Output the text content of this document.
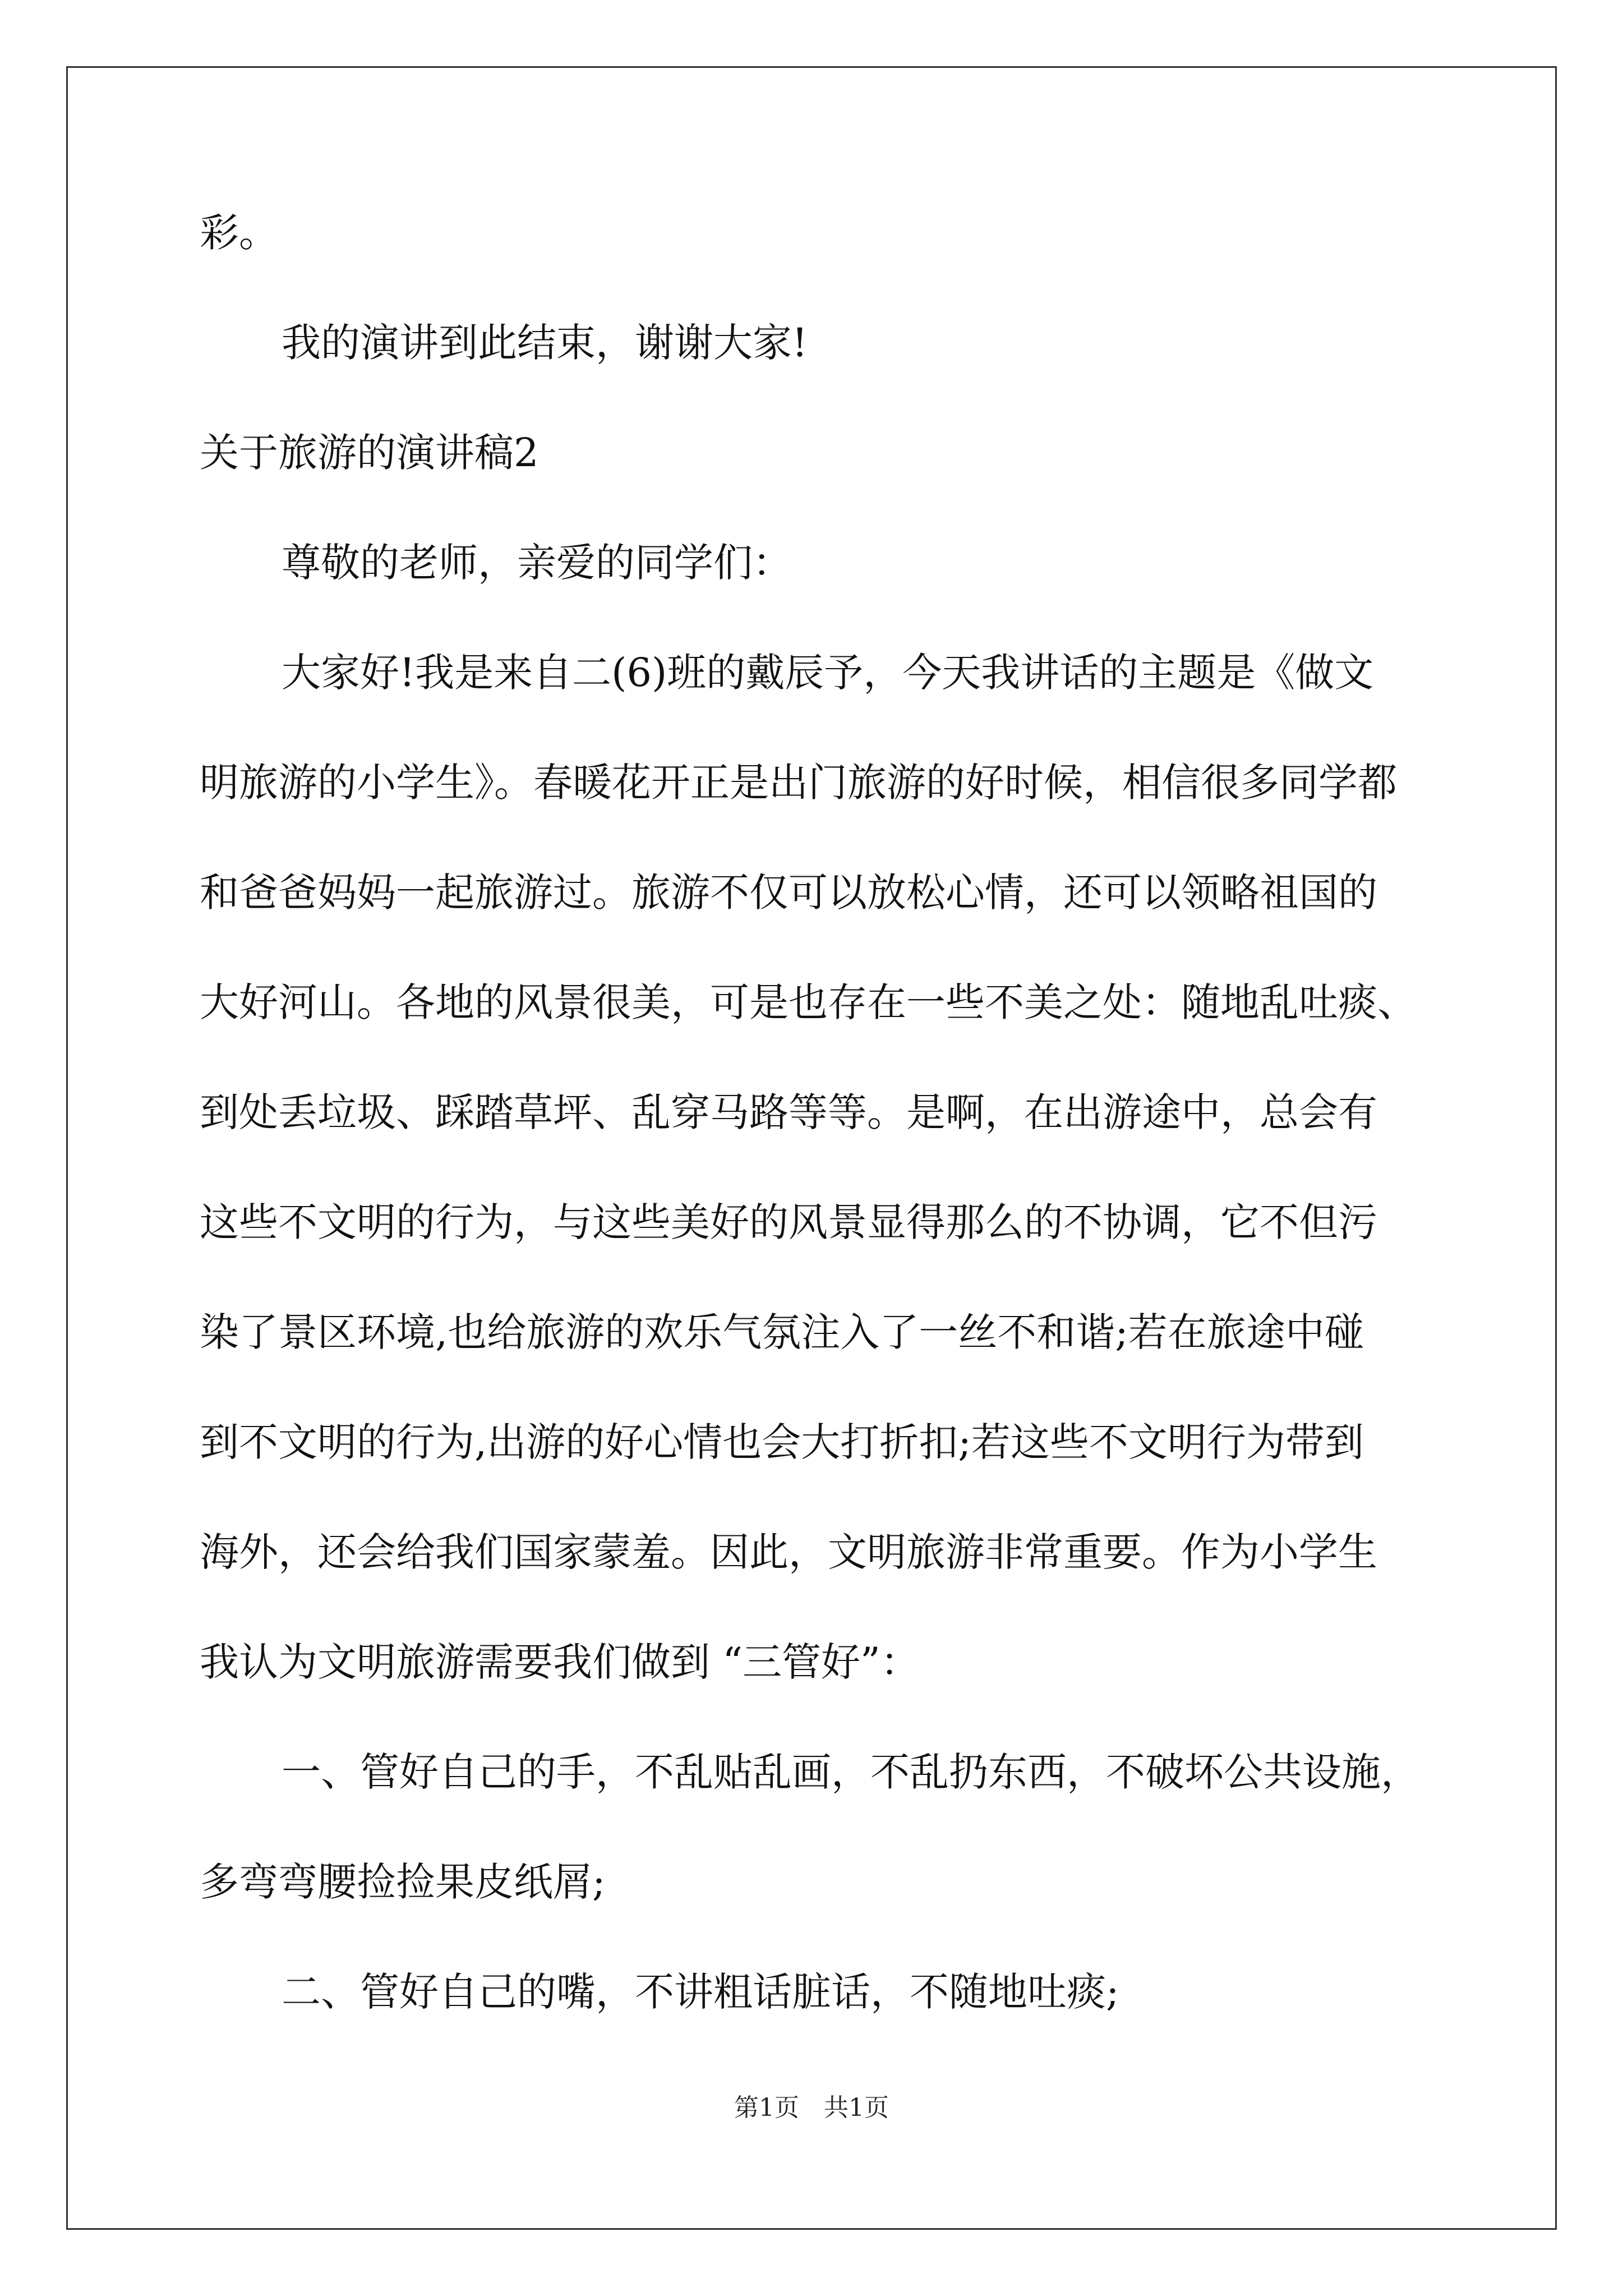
彩。
我的演讲到此结束，谢谢大家!
关于旅游的演讲稿2
尊敬的老师，亲爱的同学们：
大家好!我是来自二(6)班的戴辰予，今天我讲话的主题是《做文
明旅游的小学生》。春暖花开正是出门旅游的好时候，相信很多同学都
和爸爸妈妈一起旅游过。旅游不仅可以放松心情，还可以领略祖国的
大好河山。各地的风景很美，可是也存在一些不美之处：随地乱吐痰、
到处丢垃圾、踩踏草坪、乱穿马路等等。是啊，在出游途中，总会有
这些不文明的行为，与这些美好的风景显得那么的不协调，它不但污
染了景区环境,也给旅游的欢乐气氛注入了一丝不和谐;若在旅途中碰
到不文明的行为,出游的好心情也会大打折扣;若这些不文明行为带到
海外，还会给我们国家蒙羞。因此，文明旅游非常重要。作为小学生
我认为文明旅游需要我们做到 “三管好”：
一、管好自己的手，不乱贴乱画，不乱扔东西，不破坏公共设施，
多弯弯腰捡捡果皮纸屑;
二、管好自己的嘴，不讲粗话脏话，不随地吐痰;
第1页　共1页
